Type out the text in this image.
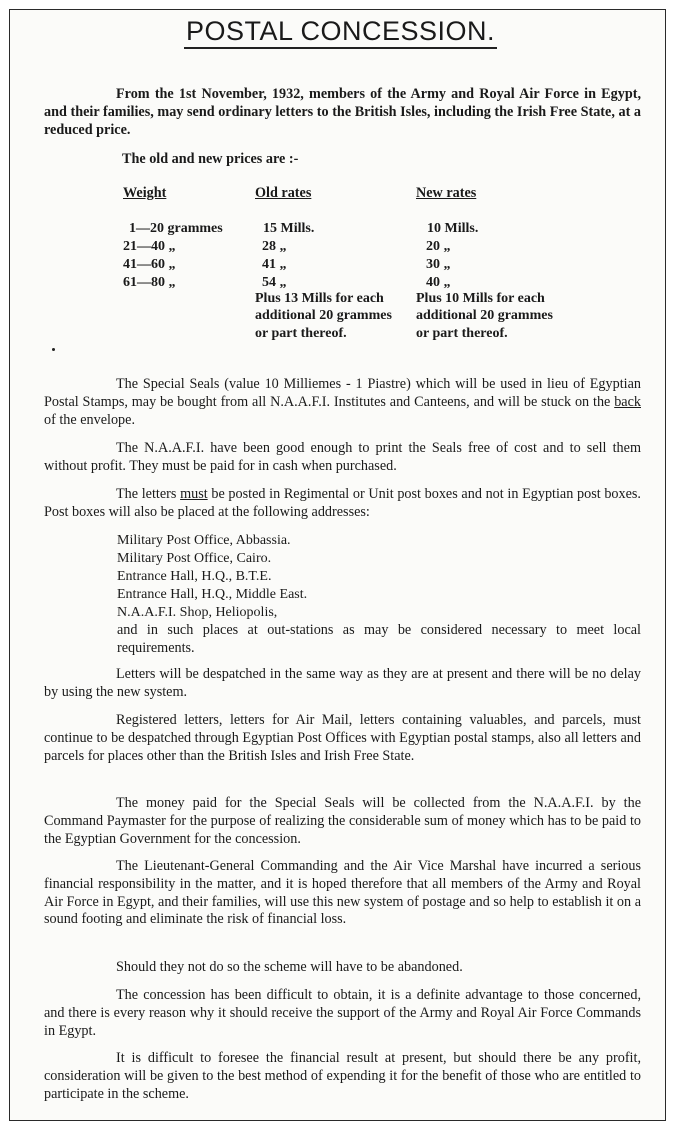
POSTAL CONCESSION.

From the 1st November, 1932, members of the Army and Royal Air Force in Egypt, and their families, may send ordinary letters to the British Isles, including the Irish Free State, at a reduced price.

The old and new prices are :-
Weight	Old rates	New rates
1—20 grammes	15 Mills.	10 Mills.
21—40 „	28 „	20 „
41—60 „	41 „	30 „
61—80 „	54 „	40 „
Plus 13 Mills for each additional 20 grammes or part thereof.
Plus 10 Mills for each additional 20 grammes or part thereof.

The Special Seals (value 10 Milliemes - 1 Piastre) which will be used in lieu of Egyptian Postal Stamps, may be bought from all N.A.A.F.I. Institutes and Canteens, and will be stuck on the back of the envelope.

The N.A.A.F.I. have been good enough to print the Seals free of cost and to sell them without profit. They must be paid for in cash when purchased.

The letters must be posted in Regimental or Unit post boxes and not in Egyptian post boxes. Post boxes will also be placed at the following addresses:

Military Post Office, Abbassia.
Military Post Office, Cairo.
Entrance Hall, H.Q., B.T.E.
Entrance Hall, H.Q., Middle East.
N.A.A.F.I. Shop, Heliopolis,
and in such places at out-stations as may be considered necessary to meet local requirements.

Letters will be despatched in the same way as they are at present and there will be no delay by using the new system.

Registered letters, letters for Air Mail, letters containing valuables, and parcels, must continue to be despatched through Egyptian Post Offices with Egyptian postal stamps, also all letters and parcels for places other than the British Isles and Irish Free State.

The money paid for the Special Seals will be collected from the N.A.A.F.I. by the Command Paymaster for the purpose of realizing the considerable sum of money which has to be paid to the Egyptian Government for the concession.

The Lieutenant-General Commanding and the Air Vice Marshal have incurred a serious financial responsibility in the matter, and it is hoped therefore that all members of the Army and Royal Air Force in Egypt, and their families, will use this new system of postage and so help to establish it on a sound footing and eliminate the risk of financial loss.

Should they not do so the scheme will have to be abandoned.

The concession has been difficult to obtain, it is a definite advantage to those concerned, and there is every reason why it should receive the support of the Army and Royal Air Force Commands in Egypt.

It is difficult to foresee the financial result at present, but should there be any profit, consideration will be given to the best method of expending it for the benefit of those who are entitled to participate in the scheme.
